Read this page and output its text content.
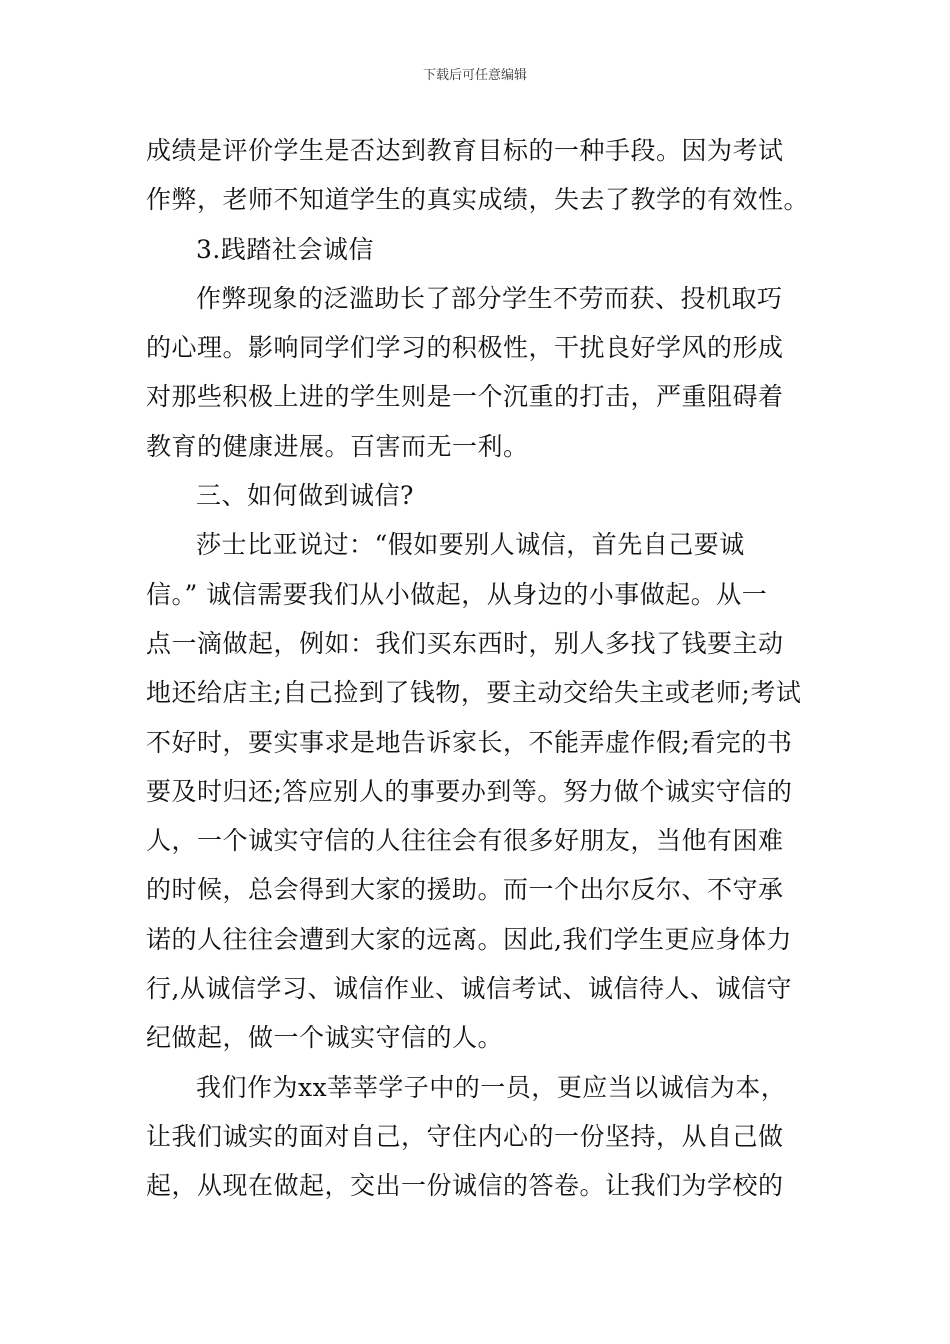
下载后可任意编辑
成绩是评价学生是否达到教育目标的一种手段。因为考试
作弊，老师不知道学生的真实成绩，失去了教学的有效性。
3.践踏社会诚信
作弊现象的泛滥助长了部分学生不劳而获、投机取巧
的心理。影响同学们学习的积极性，干扰良好学风的形成
对那些积极上进的学生则是一个沉重的打击，严重阻碍着
教育的健康进展。百害而无一利。
三、如何做到诚信?
莎士比亚说过：“假如要别人诚信，首先自己要诚
信。” 诚信需要我们从小做起，从身边的小事做起。从一
点一滴做起，例如：我们买东西时，别人多找了钱要主动
地还给店主;自己捡到了钱物，要主动交给失主或老师;考试
不好时，要实事求是地告诉家长，不能弄虚作假;看完的书
要及时归还;答应别人的事要办到等。努力做个诚实守信的
人，一个诚实守信的人往往会有很多好朋友，当他有困难
的时候，总会得到大家的援助。而一个出尔反尔、不守承
诺的人往往会遭到大家的远离。因此,我们学生更应身体力
行,从诚信学习、诚信作业、诚信考试、诚信待人、诚信守
纪做起，做一个诚实守信的人。
我们作为xx莘莘学子中的一员，更应当以诚信为本，
让我们诚实的面对自己，守住内心的一份坚持，从自己做
起，从现在做起，交出一份诚信的答卷。让我们为学校的
